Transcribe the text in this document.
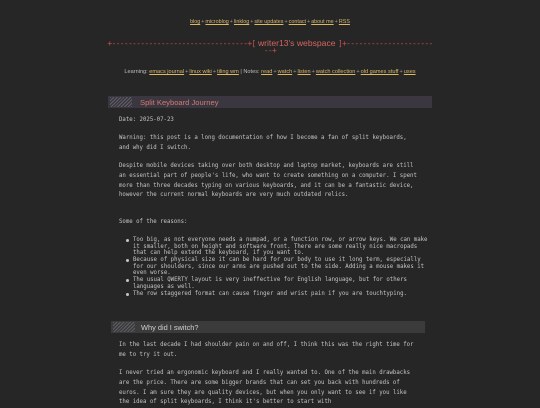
blog+microblog+linklog+site updates+contact+about me+RSS
+---------------------------------+[ writer13's webspace ]+---------------------
--+
Learning: emacs journal+linux wiki+tiling wm | Notes: read+watch+listen+watch collection+old games stuff+uses
Split Keyboard Journey
Date: 2025-07-23
Warning: this post is a long documentation of how I become a fan of split keyboards, and why did I switch.
Despite mobile devices taking over both desktop and laptop market, keyboards are still an essential part of people's life, who want to create something on a computer. I spent more than three decades typing on various keyboards, and it can be a fantastic device, however the current normal keyboards are very much outdated relics.
Some of the reasons:
Too big, as not everyone needs a numpad, or a function row, or arrow keys. We can make it smaller, both on height and software front. There are some really nice macropads that can help extend the keyboard, if you want to.
Because of physical size it can be hard for our body to use it long term, especially for our shoulders, since our arms are pushed out to the side. Adding a mouse makes it even worse.
The usual QWERTY layout is very ineffective for English language, but for others languages as well.
The row staggered format can cause finger and wrist pain if you are touchtyping.
Why did I switch?
In the last decade I had shoulder pain on and off, I think this was the right time for me to try it out.
I never tried an ergonomic keyboard and I really wanted to. One of the main drawbacks are the price. There are some bigger brands that can set you back with hundreds of euros. I am sure they are quality devices, but when you only want to see if you like the idea of split keyboards, I think it's better to start with
